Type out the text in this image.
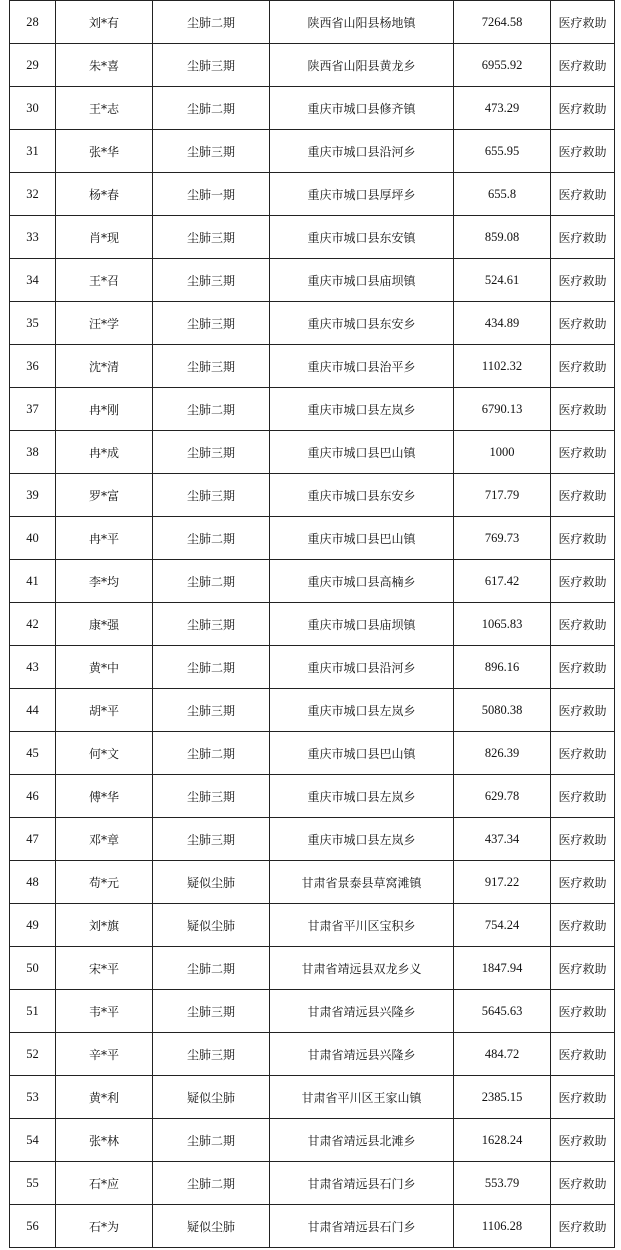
28	刘*有	尘肺二期	陕西省山阳县杨地镇	7264.58	医疗救助
29	朱*喜	尘肺三期	陕西省山阳县黄龙乡	6955.92	医疗救助
30	王*志	尘肺二期	重庆市城口县修齐镇	473.29	医疗救助
31	张*华	尘肺三期	重庆市城口县沿河乡	655.95	医疗救助
32	杨*春	尘肺一期	重庆市城口县厚坪乡	655.8	医疗救助
33	肖*现	尘肺三期	重庆市城口县东安镇	859.08	医疗救助
34	王*召	尘肺三期	重庆市城口县庙坝镇	524.61	医疗救助
35	汪*学	尘肺三期	重庆市城口县东安乡	434.89	医疗救助
36	沈*清	尘肺三期	重庆市城口县治平乡	1102.32	医疗救助
37	冉*刚	尘肺二期	重庆市城口县左岚乡	6790.13	医疗救助
38	冉*成	尘肺三期	重庆市城口县巴山镇	1000	医疗救助
39	罗*富	尘肺三期	重庆市城口县东安乡	717.79	医疗救助
40	冉*平	尘肺二期	重庆市城口县巴山镇	769.73	医疗救助
41	李*均	尘肺二期	重庆市城口县高楠乡	617.42	医疗救助
42	康*强	尘肺三期	重庆市城口县庙坝镇	1065.83	医疗救助
43	黄*中	尘肺二期	重庆市城口县沿河乡	896.16	医疗救助
44	胡*平	尘肺三期	重庆市城口县左岚乡	5080.38	医疗救助
45	何*文	尘肺二期	重庆市城口县巴山镇	826.39	医疗救助
46	傅*华	尘肺三期	重庆市城口县左岚乡	629.78	医疗救助
47	邓*章	尘肺三期	重庆市城口县左岚乡	437.34	医疗救助
48	苟*元	疑似尘肺	甘肃省景泰县草窝滩镇	917.22	医疗救助
49	刘*旗	疑似尘肺	甘肃省平川区宝积乡	754.24	医疗救助
50	宋*平	尘肺二期	甘肃省靖远县双龙乡义	1847.94	医疗救助
51	韦*平	尘肺三期	甘肃省靖远县兴隆乡	5645.63	医疗救助
52	辛*平	尘肺三期	甘肃省靖远县兴隆乡	484.72	医疗救助
53	黄*利	疑似尘肺	甘肃省平川区王家山镇	2385.15	医疗救助
54	张*林	尘肺二期	甘肃省靖远县北滩乡	1628.24	医疗救助
55	石*应	尘肺二期	甘肃省靖远县石门乡	553.79	医疗救助
56	石*为	疑似尘肺	甘肃省靖远县石门乡	1106.28	医疗救助
